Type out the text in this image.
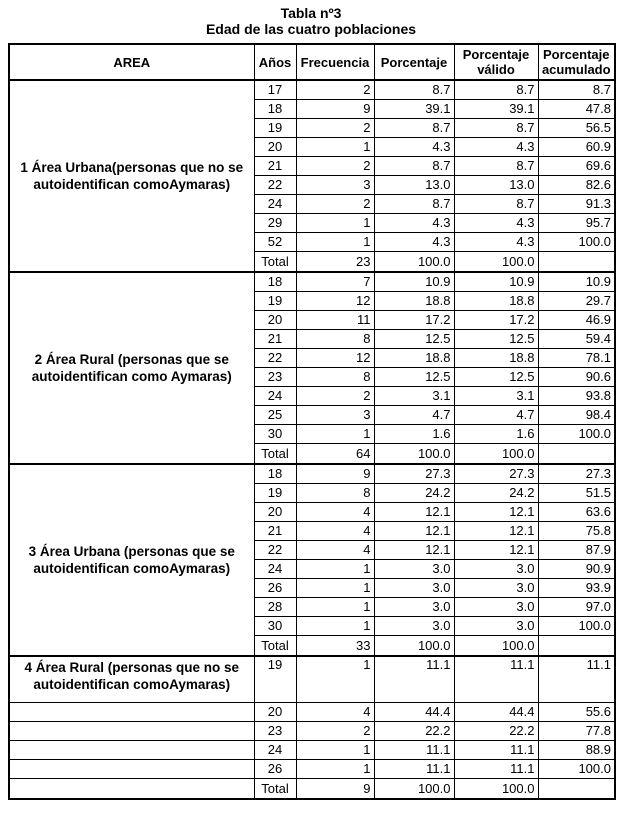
Tabla nº3
Edad de las cuatro poblaciones
AREA	Años	Frecuencia	Porcentaje	Porcentaje válido	Porcentaje acumulado
1 Área Urbana(personas que no se autoidentifican comoAymaras)	17	2	8.7	8.7	8.7
	18	9	39.1	39.1	47.8
	19	2	8.7	8.7	56.5
	20	1	4.3	4.3	60.9
	21	2	8.7	8.7	69.6
	22	3	13.0	13.0	82.6
	24	2	8.7	8.7	91.3
	29	1	4.3	4.3	95.7
	52	1	4.3	4.3	100.0
	Total	23	100.0	100.0	
2 Área Rural (personas que se autoidentifican como Aymaras)	18	7	10.9	10.9	10.9
	19	12	18.8	18.8	29.7
	20	11	17.2	17.2	46.9
	21	8	12.5	12.5	59.4
	22	12	18.8	18.8	78.1
	23	8	12.5	12.5	90.6
	24	2	3.1	3.1	93.8
	25	3	4.7	4.7	98.4
	30	1	1.6	1.6	100.0
	Total	64	100.0	100.0	
3 Área Urbana (personas que se autoidentifican comoAymaras)	18	9	27.3	27.3	27.3
	19	8	24.2	24.2	51.5
	20	4	12.1	12.1	63.6
	21	4	12.1	12.1	75.8
	22	4	12.1	12.1	87.9
	24	1	3.0	3.0	90.9
	26	1	3.0	3.0	93.9
	28	1	3.0	3.0	97.0
	30	1	3.0	3.0	100.0
	Total	33	100.0	100.0	
4 Área Rural (personas que no se autoidentifican comoAymaras)	19	1	11.1	11.1	11.1
	20	4	44.4	44.4	55.6
	23	2	22.2	22.2	77.8
	24	1	11.1	11.1	88.9
	26	1	11.1	11.1	100.0
	Total	9	100.0	100.0	
